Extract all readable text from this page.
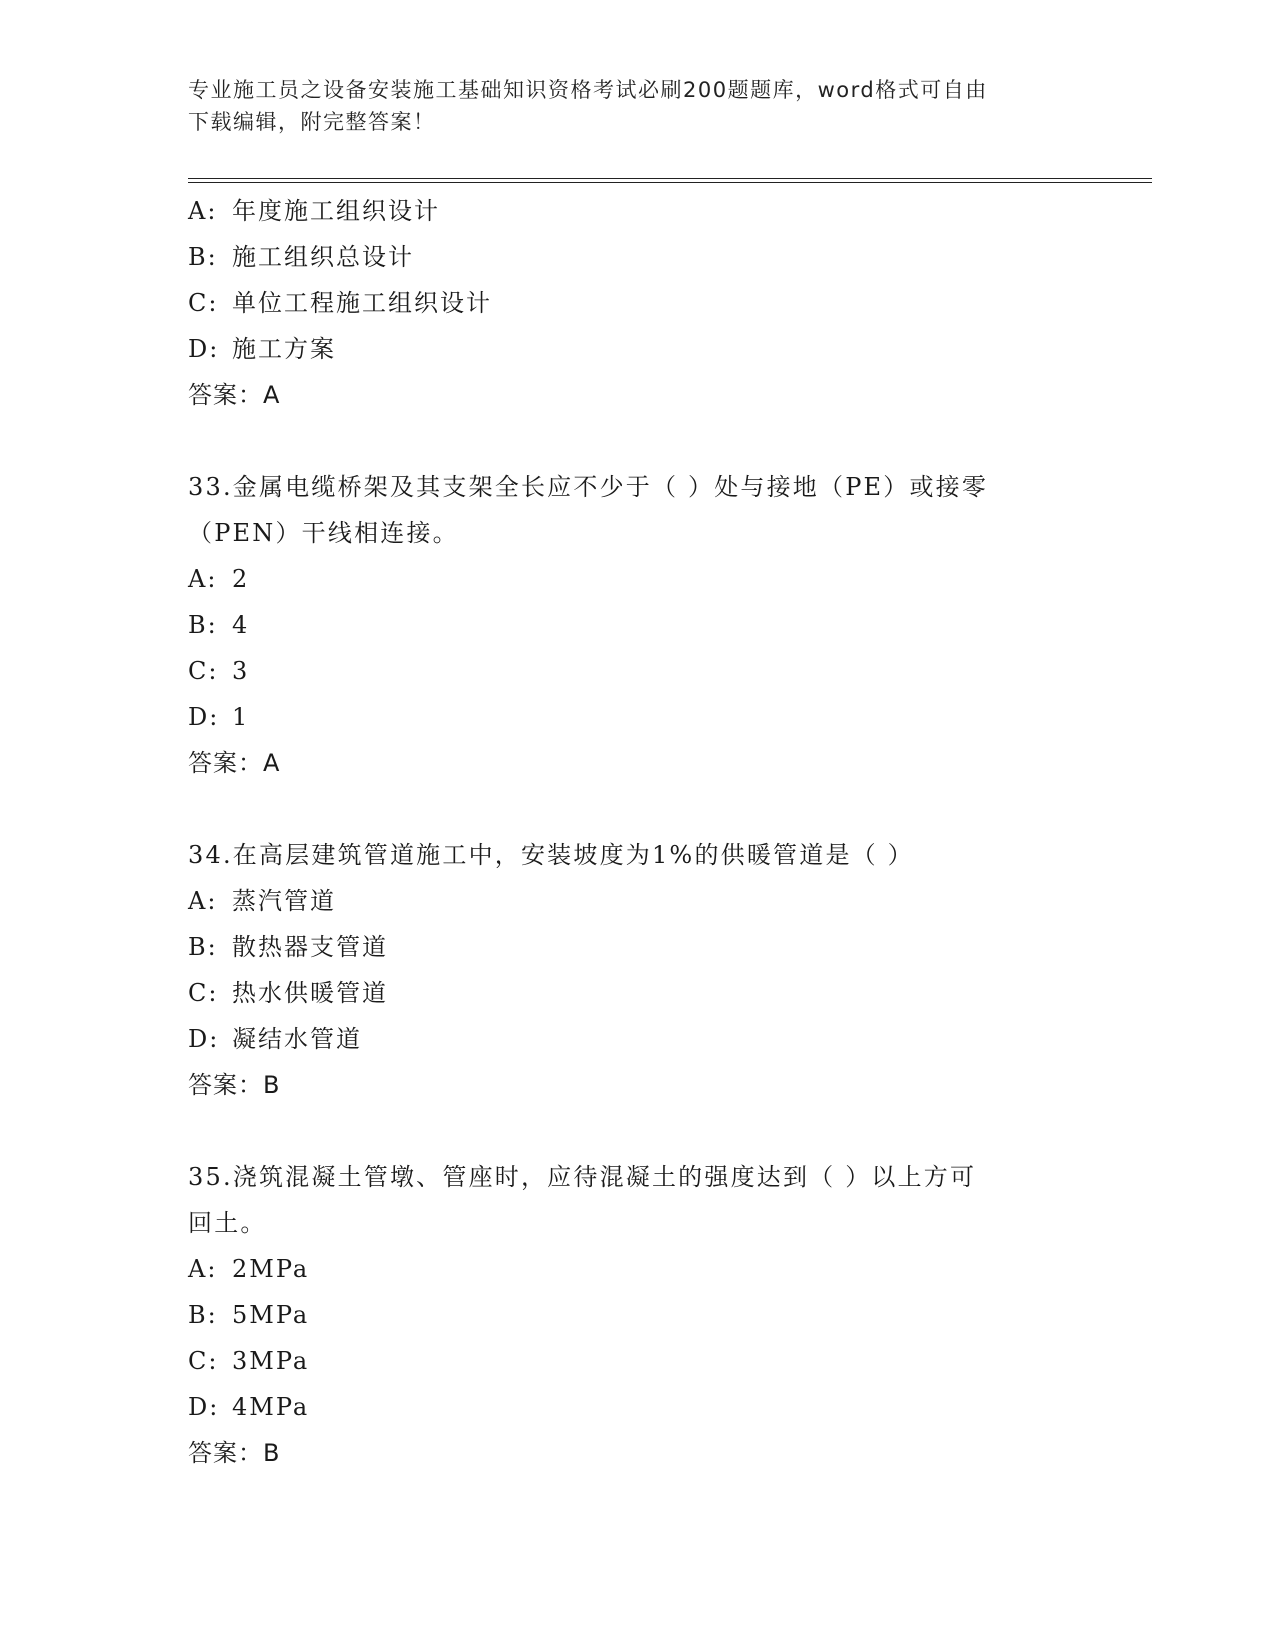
专业施工员之设备安装施工基础知识资格考试必刷200题题库，word格式可自由
下载编辑，附完整答案！
A: 年度施工组织设计
B: 施工组织总设计
C: 单位工程施工组织设计
D: 施工方案
答案：A
33.金属电缆桥架及其支架全长应不少于（ ）处与接地（PE）或接零
（PEN）干线相连接。
A: 2
B: 4
C: 3
D: 1
答案：A
34.在高层建筑管道施工中，安装坡度为1%的供暖管道是（ ）
A: 蒸汽管道
B: 散热器支管道
C: 热水供暖管道
D: 凝结水管道
答案：B
35.浇筑混凝土管墩、管座时，应待混凝土的强度达到（ ）以上方可
回土。
A: 2MPa
B: 5MPa
C: 3MPa
D: 4MPa
答案：B
